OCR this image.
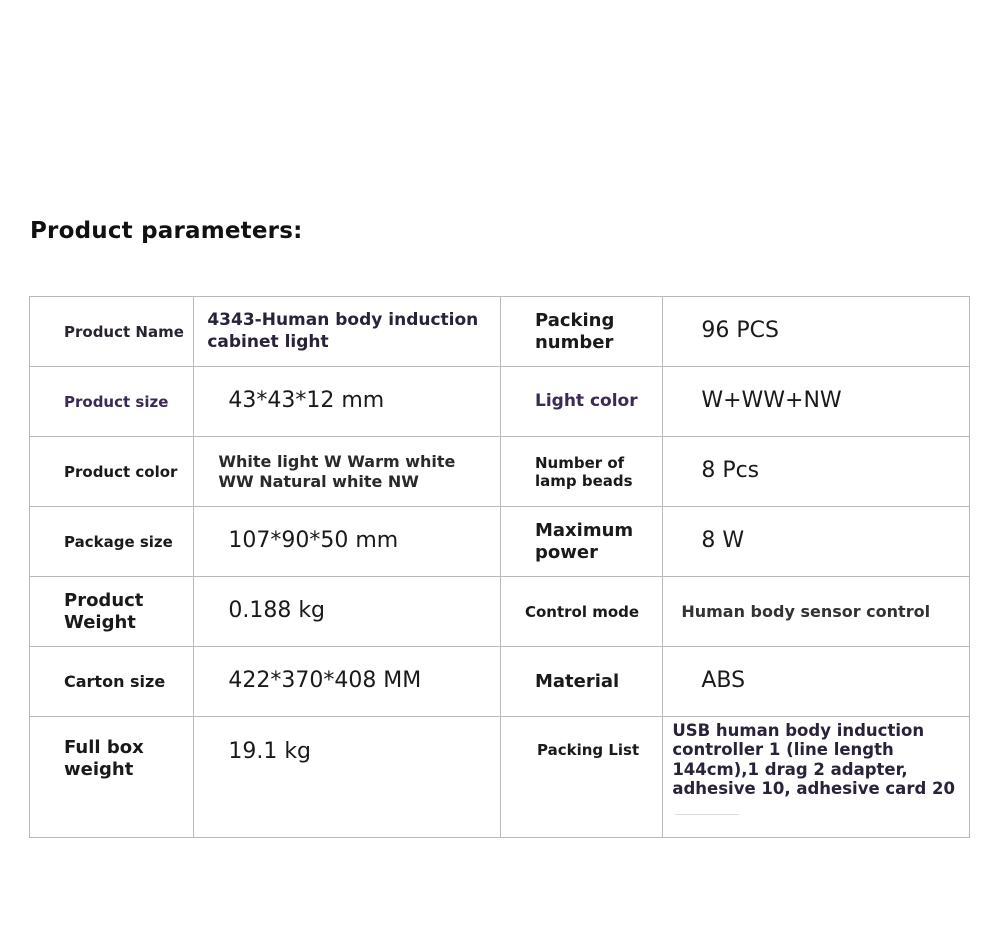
Product parameters:
Product Name	4343-Human body induction cabinet light	Packing number	96 PCS

Product size	43*43*12 mm	Light color	W+WW+NW

Product color	White light W Warm white WW Natural white NW	Number of lamp beads	8 Pcs

Package size	107*90*50 mm	Maximum power	8 W

Product Weight	0.188 kg	Control mode	Human body sensor control

Carton size	422*370*408 MM	Material	ABS

Full box weight	19.1 kg	Packing List	USB human body induction controller 1 (line length 144cm),1 drag 2 adapter, adhesive 10, adhesive card 20
